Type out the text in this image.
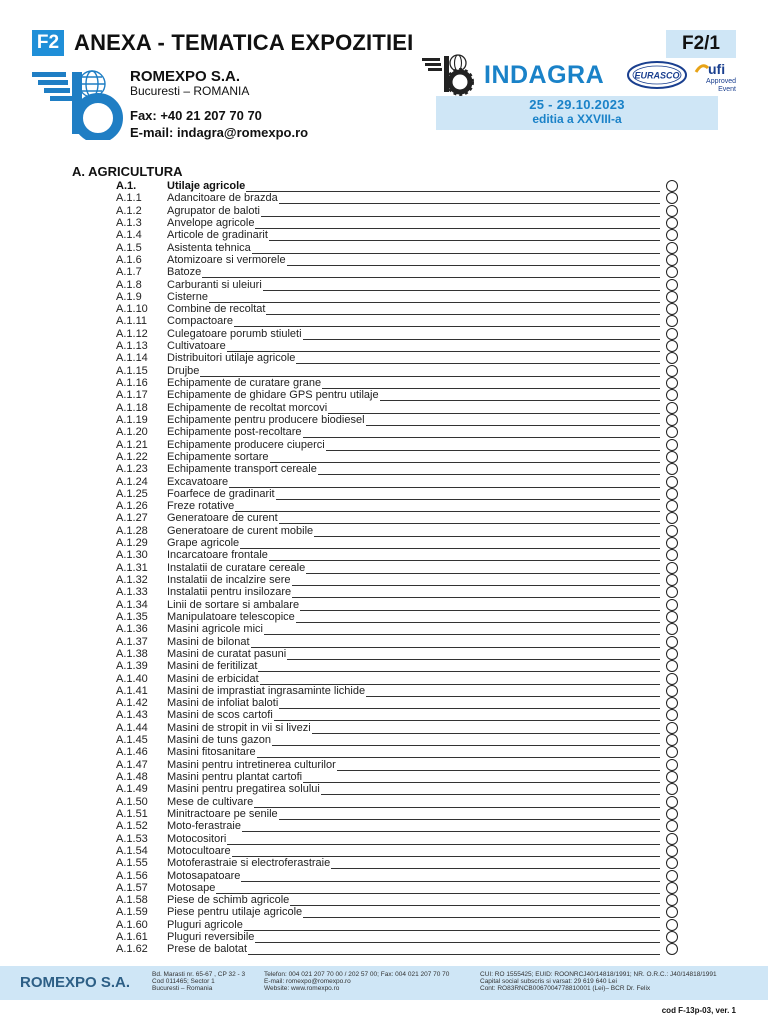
F2 ANEXA - TEMATICA EXPOZITIEI	F2/1
ROMEXPO S.A.
Bucuresti – ROMANIA
Fax: +40 21 207 70 70
E-mail: indagra@romexpo.ro
INDAGRA	EURASCO ufi
Approved
Event
25 - 29.10.2023
editia a XXVIII-a
A. AGRICULTURA
A.1.	Utilaje agricole
A.1.1 Adancitoare de brazda
A.1.2 Agrupator de baloti
A.1.3 Anvelope agricole
A.1.4 Articole de gradinarit
A.1.5 Asistenta tehnica
A.1.6 Atomizoare si vermorele
A.1.7 Batoze
A.1.8 Carburanti si uleiuri
A.1.9 Cisterne
A.1.10 Combine de recoltat
A.1.11 Compactoare
A.1.12 Culegatoare porumb stiuleti
A.1.13 Cultivatoare
A.1.14 Distribuitori utilaje agricole
A.1.15 Drujbe
A.1.16 Echipamente de curatare grane
A.1.17 Echipamente de ghidare GPS pentru utilaje
A.1.18 Echipamente de recoltat morcovi
A.1.19 Echipamente pentru producere biodiesel
A.1.20 Echipamente post-recoltare
A.1.21 Echipamente producere ciuperci
A.1.22 Echipamente sortare
A.1.23 Echipamente transport cereale
A.1.24 Excavatoare
A.1.25 Foarfece de gradinarit
A.1.26 Freze rotative
A.1.27 Generatoare de curent
A.1.28 Generatoare de curent mobile
A.1.29 Grape agricole
A.1.30 Incarcatoare frontale
A.1.31 Instalatii de curatare cereale
A.1.32 Instalatii de incalzire sere
A.1.33 Instalatii pentru insilozare
A.1.34 Linii de sortare si ambalare
A.1.35 Manipulatoare telescopice
A.1.36 Masini agricole mici
A.1.37 Masini de bilonat
A.1.38 Masini de curatat pasuni
A.1.39 Masini de feritilizat
A.1.40 Masini de erbicidat
A.1.41 Masini de imprastiat ingrasaminte lichide
A.1.42 Masini de infoliat baloti
A.1.43 Masini de scos cartofi
A.1.44 Masini de stropit in vii si livezi
A.1.45 Masini de tuns gazon
A.1.46 Masini fitosanitare
A.1.47 Masini pentru intretinerea culturilor
A.1.48 Masini pentru plantat cartofi
A.1.49 Masini pentru pregatirea solului
A.1.50 Mese de cultivare
A.1.51 Minitractoare pe senile
A.1.52 Moto-ferastraie
A.1.53 Motocositori
A.1.54 Motocultoare
A.1.55 Motoferastraie si electroferastraie
A.1.56 Motosapatoare
A.1.57 Motosape
A.1.58 Piese de schimb agricole
A.1.59 Piese pentru utilaje agricole
A.1.60 Pluguri agricole
A.1.61 Pluguri reversibile
A.1.62 Prese de balotat
ROMEXPO S.A.	Bd. Marasti nr. 65-67 , CP 32 - 3
Cod 011465; Sector 1
Bucuresti – Romania
Telefon: 004 021 207 70 00 / 202 57 00; Fax: 004 021 207 70 70
E-mail: romexpo@romexpo.ro
Website: www.romexpo.ro
CUI: RO 1555425; EUID: ROONRCJ40/14818/1991; NR. O.R.C.: J40/14818/1991
Capital social subscris si varsat: 29 619 640 Lei
Cont: RO83RNCB0067004778810001 (Lei)– BCR Dr. Felix
cod F-13p-03, ver. 1
